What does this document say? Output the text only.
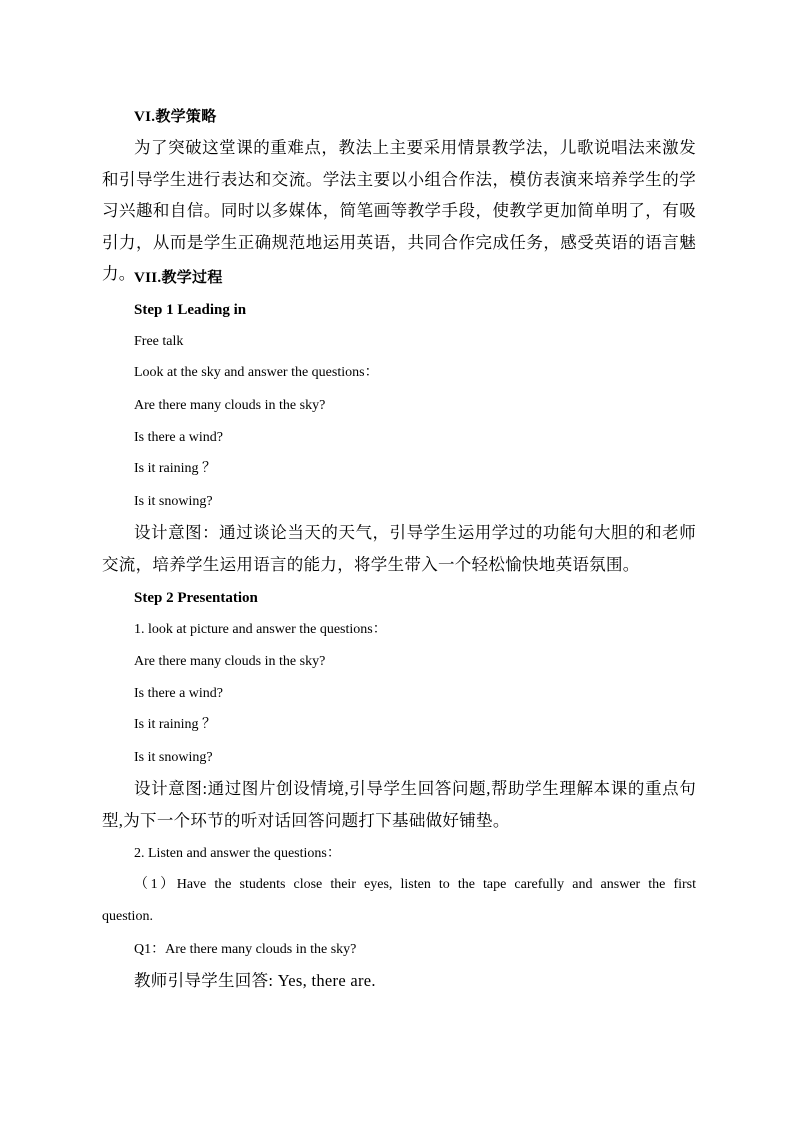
VI.教学策略
为了突破这堂课的重难点，教法上主要采用情景教学法，儿歌说唱法来激发和引导学生进行表达和交流。学法主要以小组合作法，模仿表演来培养学生的学习兴趣和自信。同时以多媒体，简笔画等教学手段，使教学更加简单明了，有吸引力，从而是学生正确规范地运用英语，共同合作完成任务，感受英语的语言魅力。
VII.教学过程
Step 1 Leading in
Free talk
Look at the sky and answer the questions：
Are there many clouds in the sky?
Is there a wind?
Is it raining ？
Is it snowing?
设计意图：通过谈论当天的天气，引导学生运用学过的功能句大胆的和老师交流，培养学生运用语言的能力，将学生带入一个轻松愉快地英语氛围。
Step 2 Presentation
1. look at picture and answer the questions：
Are there many clouds in the sky?
Is there a wind?
Is it raining ？
Is it snowing?
设计意图:通过图片创设情境,引导学生回答问题,帮助学生理解本课的重点句型,为下一个环节的听对话回答问题打下基础做好铺垫。
2. Listen and answer the questions：
（1）Have the students close their eyes, listen to the tape carefully and answer the first question.
Q1：Are there many clouds in the sky?
教师引导学生回答: Yes, there are.
